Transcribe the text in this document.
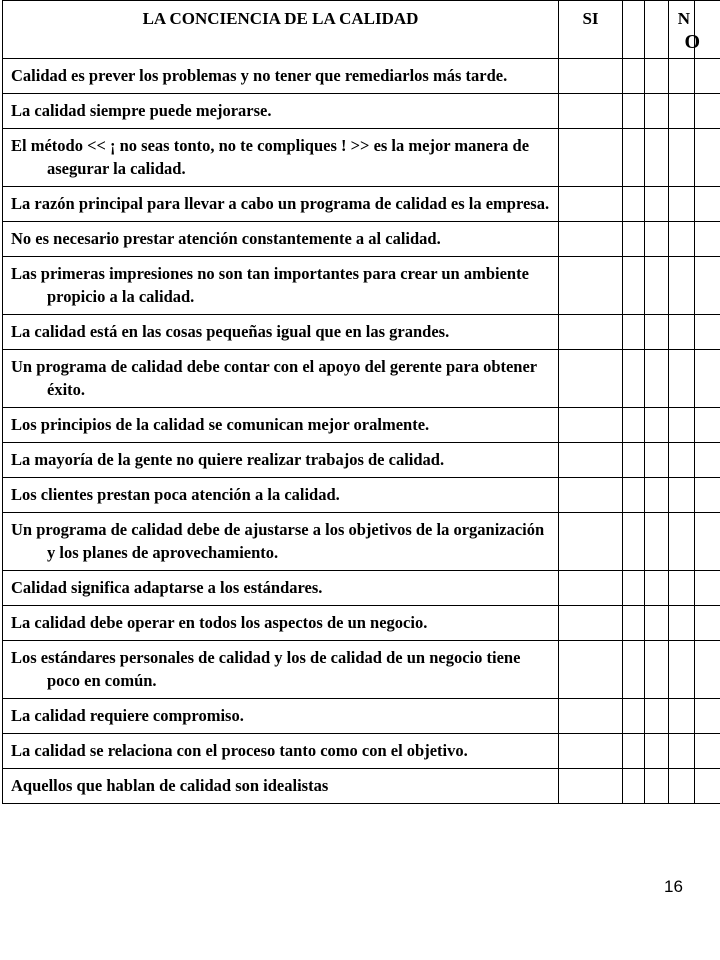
LA CONCIENCIA DE LA CALIDAD	SI			N
O	

Calidad es prever los problemas y no tener que remediarlos más tarde.					

La calidad siempre puede mejorarse.					

El método << ¡ no seas tonto, no te compliques ! >> es la mejor manera de asegurar la calidad.					

La razón principal para llevar a cabo un programa de calidad es la empresa.					

No es necesario prestar atención constantemente a al calidad.					

Las primeras impresiones no son tan importantes para crear un ambiente propicio a la calidad.					

La calidad está en las cosas pequeñas igual que en las grandes.					

Un programa de calidad debe contar con el apoyo del gerente para obtener éxito.					

Los principios de la calidad se comunican mejor oralmente.					

La mayoría de la gente no quiere realizar trabajos de calidad.					

Los clientes prestan poca atención a la calidad.					

Un programa de calidad debe de ajustarse a los objetivos de la organización y los planes de aprovechamiento.					

Calidad significa adaptarse a los estándares.					

La calidad debe operar en todos los aspectos de un negocio.					

Los estándares personales de calidad y los de calidad de un negocio tiene poco en común.					

La calidad requiere compromiso.					

La calidad se relaciona con el proceso tanto como con el objetivo.					

Aquellos que hablan de calidad son idealistas					

16
